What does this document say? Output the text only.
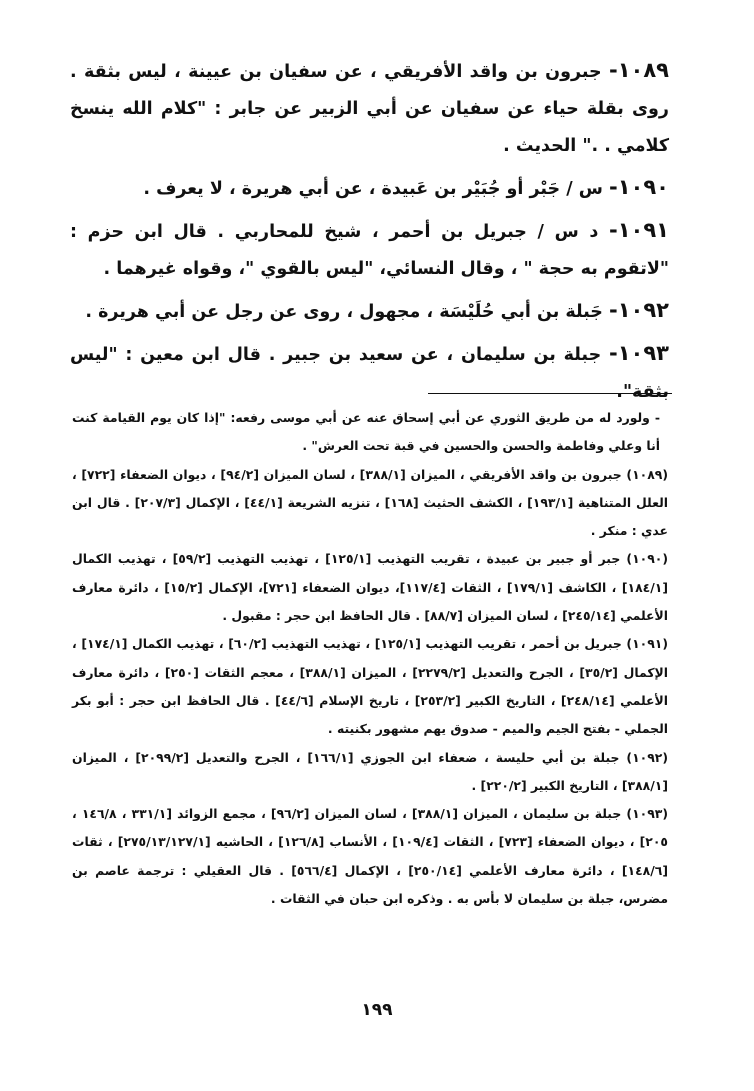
١٠٨٩- جبرون بن واقد الأفريقي ، عن سفيان بن عيينة ، ليس بثقة . روى بقلة حياء عن سفيان عن أبي الزبير عن جابر : "كلام الله ينسخ كلامي . ." الحديث .
١٠٩٠- س / جَبْر أو جُبَيْر بن عَبيدة ، عن أبي هريرة ، لا يعرف .
١٠٩١- د س / جبريل بن أحمر ، شيخ للمحاربي . قال ابن حزم : "لاتقوم به حجة " ، وقال النسائي، "ليس بالقوي "، وقواه غيرهما .
١٠٩٢- جَبلة بن أبي حُلَيْسَة ، مجهول ، روى عن رجل عن أبي هريرة .
١٠٩٣- جبلة بن سليمان ، عن سعيد بن جبير . قال ابن معين : "ليس بثقة".

- ولورد له من طريق الثوري عن أبي إسحاق عنه عن أبي موسى رفعه: "إذا كان يوم القيامة كنت أنا وعلي وفاطمة والحسن والحسين في قبة تحت العرش" .

(١٠٨٩) جبرون بن واقد الأفريقي ، الميزان [٣٨٨/١] ، لسان الميزان [٩٤/٢] ، ديوان الضعفاء [٧٢٢] ، العلل المتناهية [١٩٣/١] ، الكشف الحثيث [١٦٨] ، تنزيه الشريعة [٤٤/١] ، الإكمال [٢٠٧/٣] . قال ابن عدي : منكر .

(١٠٩٠) جبر أو جبير بن عبيدة ، تقريب التهذيب [١٢٥/١] ، تهذيب التهذيب [٥٩/٢] ، تهذيب الكمال [١٨٤/١] ، الكاشف [١٧٩/١] ، الثقات [١١٧/٤]، ديوان الضعفاء [٧٢١]، الإكمال [١٥/٢] ، دائرة معارف الأعلمي [٢٤٥/١٤] ، لسان الميزان [٨٨/٧] . قال الحافظ ابن حجر : مقبول .

(١٠٩١) جبريل بن أحمر ، تقريب التهذيب [١٢٥/١] ، تهذيب التهذيب [٦٠/٢] ، تهذيب الكمال [١٧٤/١] ، الإكمال [٣٥/٢] ، الجرح والتعديل [٢٢٧٩/٢] ، الميزان [٣٨٨/١] ، معجم الثقات [٢٥٠] ، دائرة معارف الأعلمي [٢٤٨/١٤] ، التاريخ الكبير [٢٥٣/٢] ، تاريخ الإسلام [٤٤/٦] . قال الحافظ ابن حجر : أبو بكر الجملي - بفتح الجيم والميم - صدوق يهم مشهور بكنيته .

(١٠٩٢) جبلة بن أبي حليسة ، ضعفاء ابن الجوزي [١٦٦/١] ، الجرح والتعديل [٢٠٩٩/٢] ، الميزان [٣٨٨/١] ، التاريخ الكبير [٢٢٠/٢] .

(١٠٩٣) جبلة بن سليمان ، الميزان [٣٨٨/١] ، لسان الميزان [٩٦/٢] ، مجمع الزوائد [٣٣١/١ ، ١٤٦/٨ ، ٢٠٥] ، ديوان الضعفاء [٧٢٣] ، الثقات [١٠٩/٤] ، الأنساب [١٢٦/٨] ، الحاشيه [٢٧٥/١٣/١٢٧/١] ، ثقات [١٤٨/٦] ، دائرة معارف الأعلمي [٢٥٠/١٤] ، الإكمال [٥٦٦/٤] . قال العقيلي : ترجمة عاصم بن مضرس، جبلة بن سليمان لا بأس به . وذكره ابن حبان في الثقات .

١٩٩
